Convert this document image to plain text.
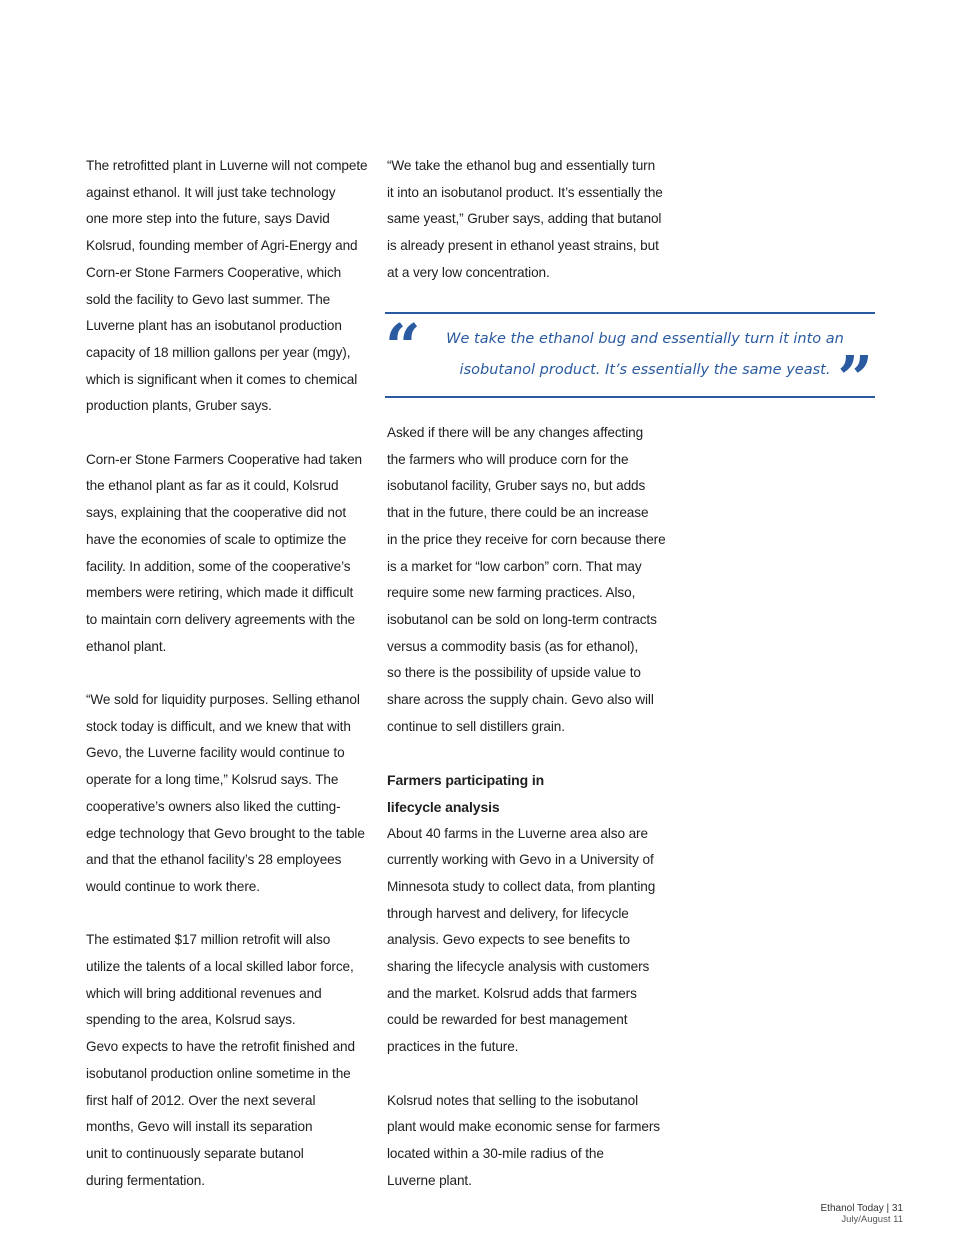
The retrofitted plant in Luverne will not compete
against ethanol. It will just take technology
one more step into the future, says David
Kolsrud, founding member of Agri-Energy and
Corn-er Stone Farmers Cooperative, which
sold the facility to Gevo last summer. The
Luverne plant has an isobutanol production
capacity of 18 million gallons per year (mgy),
which is significant when it comes to chemical
production plants, Gruber says.
Corn-er Stone Farmers Cooperative had taken
the ethanol plant as far as it could, Kolsrud
says, explaining that the cooperative did not
have the economies of scale to optimize the
facility. In addition, some of the cooperative’s
members were retiring, which made it difficult
to maintain corn delivery agreements with the
ethanol plant.
“We sold for liquidity purposes. Selling ethanol
stock today is difficult, and we knew that with
Gevo, the Luverne facility would continue to
operate for a long time,” Kolsrud says. The
cooperative’s owners also liked the cutting-
edge technology that Gevo brought to the table
and that the ethanol facility’s 28 employees
would continue to work there.
The estimated $17 million retrofit will also
utilize the talents of a local skilled labor force,
which will bring additional revenues and
spending to the area, Kolsrud says.
Gevo expects to have the retrofit finished and
isobutanol production online sometime in the
first half of 2012. Over the next several
months, Gevo will install its separation
unit to continuously separate butanol
during fermentation.
“We take the ethanol bug and essentially turn
it into an isobutanol product. It’s essentially the
same yeast,” Gruber says, adding that butanol
is already present in ethanol yeast strains, but
at a very low concentration.
“ We take the ethanol bug and essentially turn it into an
isobutanol product. It’s essentially the same yeast. ”
Asked if there will be any changes affecting
the farmers who will produce corn for the
isobutanol facility, Gruber says no, but adds
that in the future, there could be an increase
in the price they receive for corn because there
is a market for “low carbon” corn. That may
require some new farming practices. Also,
isobutanol can be sold on long-term contracts
versus a commodity basis (as for ethanol),
so there is the possibility of upside value to
share across the supply chain. Gevo also will
continue to sell distillers grain.
Farmers participating in
lifecycle analysis
About 40 farms in the Luverne area also are
currently working with Gevo in a University of
Minnesota study to collect data, from planting
through harvest and delivery, for lifecycle
analysis. Gevo expects to see benefits to
sharing the lifecycle analysis with customers
and the market. Kolsrud adds that farmers
could be rewarded for best management
practices in the future.
Kolsrud notes that selling to the isobutanol
plant would make economic sense for farmers
located within a 30-mile radius of the
Luverne plant.
Ethanol Today | 31
July/August 11
